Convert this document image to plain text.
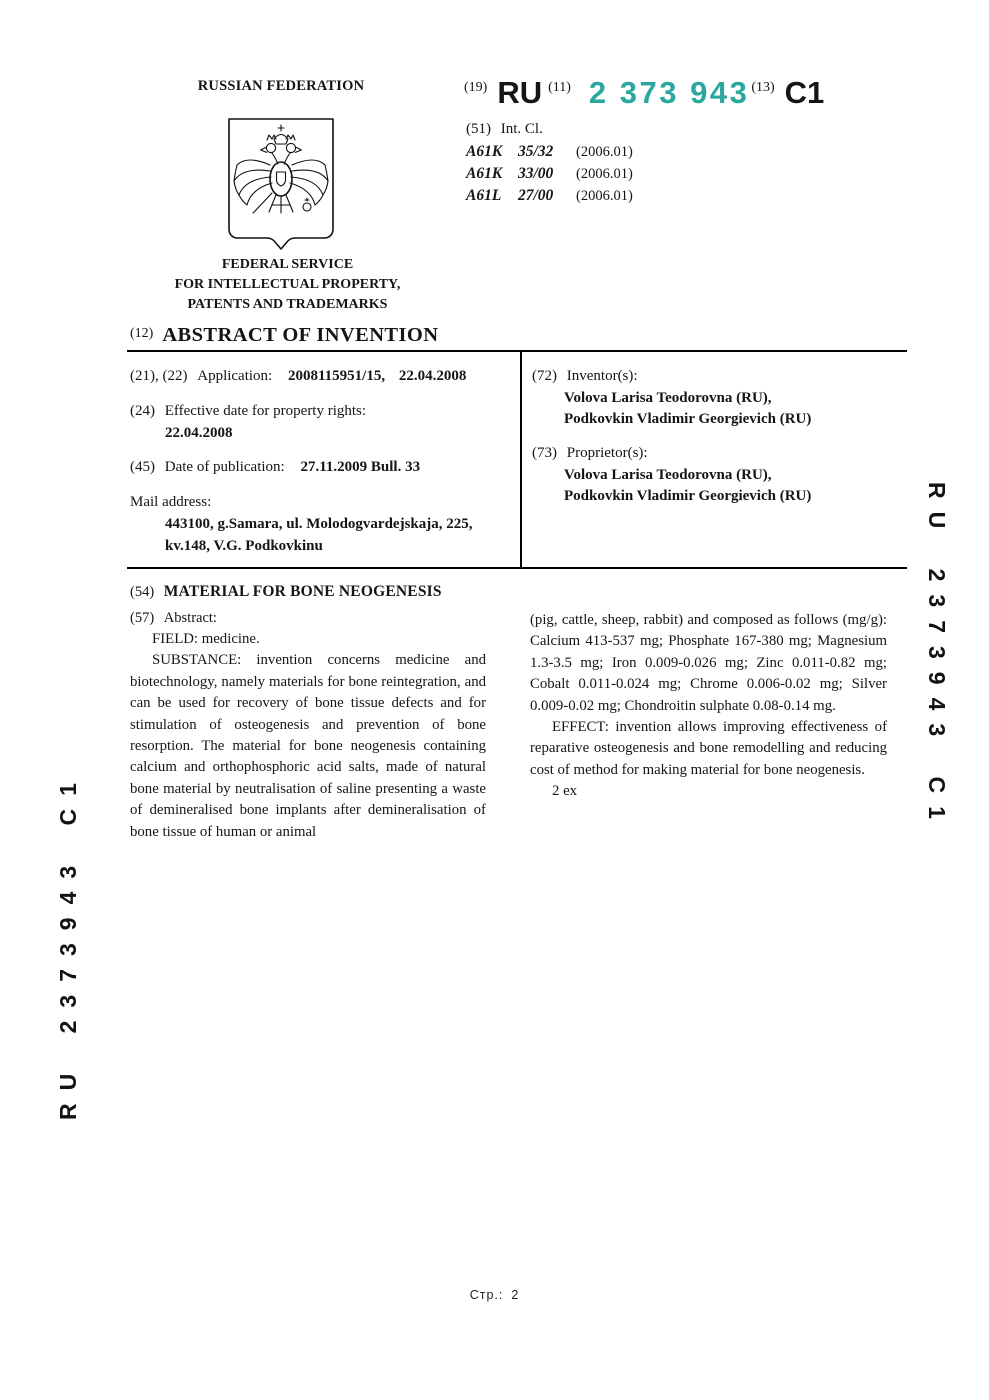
RUSSIAN FEDERATION
FEDERAL SERVICE
FOR INTELLECTUAL PROPERTY,
PATENTS AND TRADEMARKS
(19) RU (11) 2 373 943 (13) C1
(51) Int. Cl.
A61K 35/32 (2006.01)
A61K 33/00 (2006.01)
A61L 27/00 (2006.01)
(12) ABSTRACT OF INVENTION
(21), (22) Application: 2008115951/15, 22.04.2008
(24) Effective date for property rights:
22.04.2008
(45) Date of publication: 27.11.2009 Bull. 33
Mail address:
443100, g.Samara, ul. Molodogvardejskaja, 225,
kv.148, V.G. Podkovkinu
(72) Inventor(s):
Volova Larisa Teodorovna (RU),
Podkovkin Vladimir Georgievich (RU)
(73) Proprietor(s):
Volova Larisa Teodorovna (RU),
Podkovkin Vladimir Georgievich (RU)
(54) MATERIAL FOR BONE NEOGENESIS
(57) Abstract:

FIELD: medicine.

SUBSTANCE: invention concerns medicine and biotechnology, namely materials for bone reintegration, and can be used for recovery of bone tissue defects and for stimulation of osteogenesis and prevention of bone resorption. The material for bone neogenesis containing calcium and orthophosphoric acid salts, made of natural bone material by neutralisation of saline presenting a waste of demineralised bone implants after demineralisation of bone tissue of human or animal

(pig, cattle, sheep, rabbit) and composed as follows (mg/g): Calcium 413-537 mg; Phosphate 167-380 mg; Magnesium 1.3-3.5 mg; Iron 0.009-0.026 mg; Zinc 0.011-0.82 mg; Cobalt 0.011-0.024 mg; Chrome 0.006-0.02 mg; Silver 0.009-0.02 mg; Chondroitin sulphate 0.08-0.14 mg.

EFFECT: invention allows improving effectiveness of reparative osteogenesis and bone remodelling and reducing cost of method for making material for bone neogenesis.

2 ex

RU 2373943 C1
RU 2373943 C1
Стр.: 2
